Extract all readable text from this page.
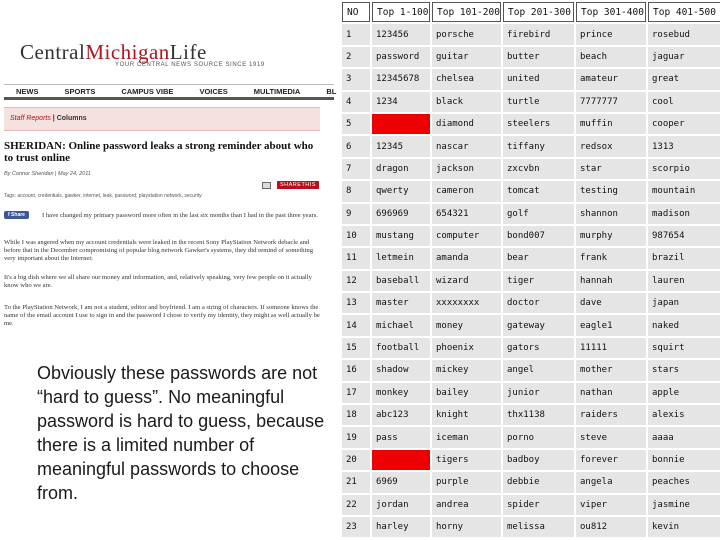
CentralMichiganLife
YOUR CENTRAL NEWS SOURCE SINCE 1919
NEWS	SPORTS	CAMPUS VIBE	VOICES	MULTIMEDIA	BL
Staff Reports | Columns
SHERIDAN: Online password leaks a strong reminder about who to trust online
By Connor Sheridan | May 24, 2011
SHARETHIS
Tags: account, credentials, gawker, internet, leak, password, playstation network, security
I have changed my primary password more often in the last six months than I had in the past three years.
f Share
While I was angered when my account credentials were leaked in the recent Sony PlayStation Network debacle and before that in the December compromising of popular blog network Gawker's systems, they did remind of something very important about the Internet:
It's a big dish where we all share our money and information, and, relatively speaking, very few people on it actually know who we are.
To the PlayStation Network, I am not a student, editor and boyfriend. I am a string of characters. If someone knows the name of the email account I use to sign in and the password I chose to verify my identity, they might as well actually be me.
Obviously these passwords are not “hard to guess”. No meaningful password is hard to guess, because there is a limited number of meaningful passwords to choose from.
NO	Top 1-100	Top 101-200	Top 201-300	Top 301-400	Top 401-500
1	123456	porsche	firebird	prince	rosebud
2	password	guitar	butter	beach	jaguar
3	12345678	chelsea	united	amateur	great
4	1234	black	turtle	7777777	cool
5		diamond	steelers	muffin	cooper
6	12345	nascar	tiffany	redsox	1313
7	dragon	jackson	zxcvbn	star	scorpio
8	qwerty	cameron	tomcat	testing	mountain
9	696969	654321	golf	shannon	madison
10	mustang	computer	bond007	murphy	987654
11	letmein	amanda	bear	frank	brazil
12	baseball	wizard	tiger	hannah	lauren
13	master	xxxxxxxx	doctor	dave	japan
14	michael	money	gateway	eagle1	naked
15	football	phoenix	gators	11111	squirt
16	shadow	mickey	angel	mother	stars
17	monkey	bailey	junior	nathan	apple
18	abc123	knight	thx1138	raiders	alexis
19	pass	iceman	porno	steve	aaaa
20		tigers	badboy	forever	bonnie
21	6969	purple	debbie	angela	peaches
22	jordan	andrea	spider	viper	jasmine
23	harley	horny	melissa	ou812	kevin
